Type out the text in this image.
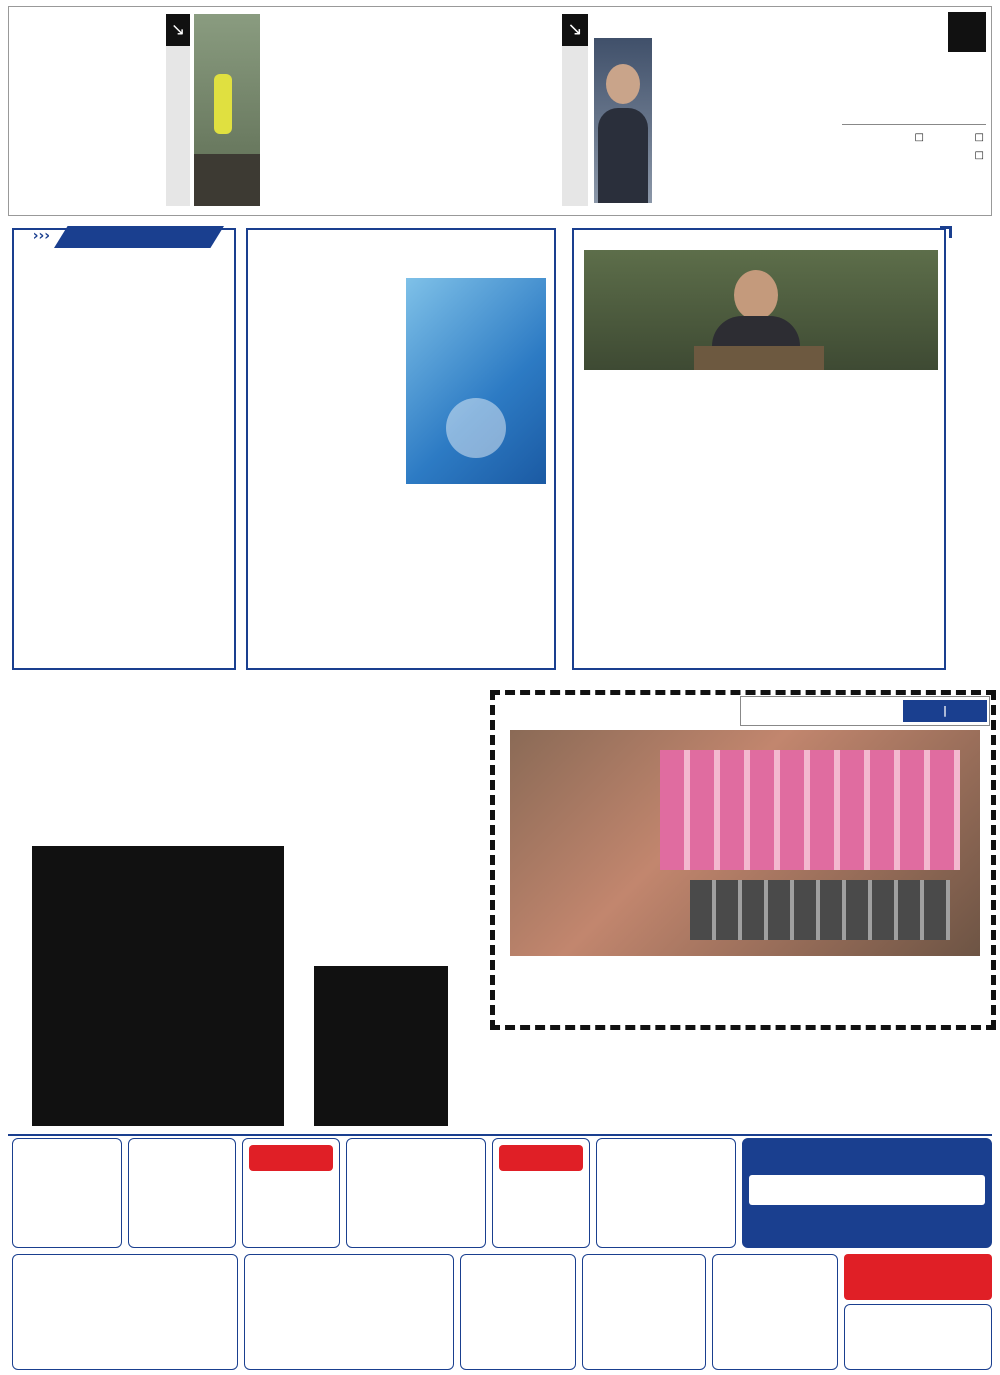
□
□
□
↘
↘
‹‹‹
|
